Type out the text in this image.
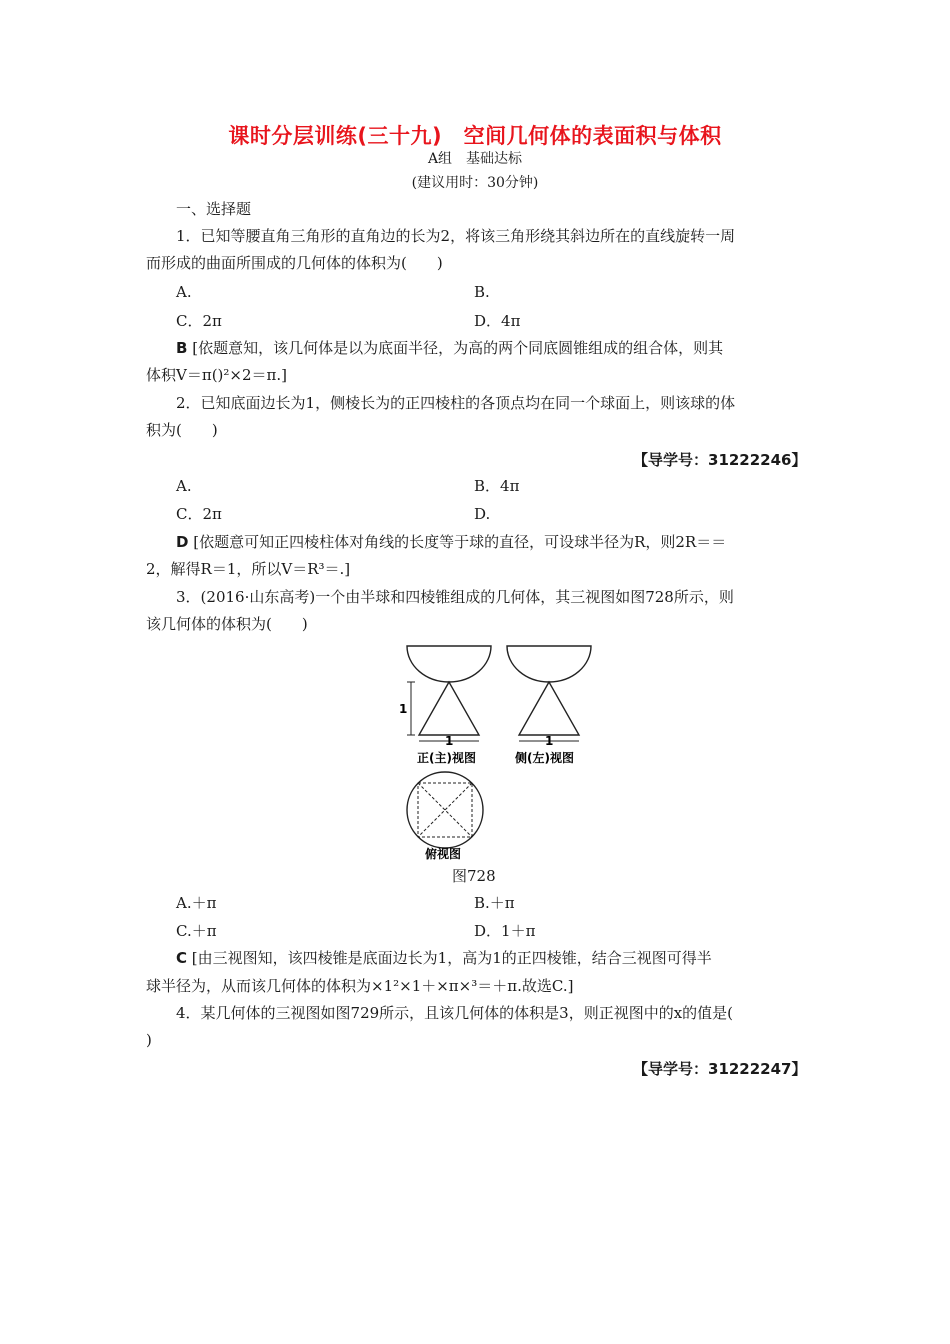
课时分层训练(三十九)　空间几何体的表面积与体积
A组　基础达标
(建议用时：30分钟)
一、选择题
1．已知等腰直角三角形的直角边的长为2，将该三角形绕其斜边所在的直线旋转一周
而形成的曲面所围成的几何体的体积为(　　)
A.	B.
C．2π	D．4π
B [依题意知，该几何体是以为底面半径，为高的两个同底圆锥组成的组合体，则其
体积V＝π()²×2＝π.]
2．已知底面边长为1，侧棱长为的正四棱柱的各顶点均在同一个球面上，则该球的体
积为(　　)
【导学号：31222246】
A.	B．4π
C．2π	D.
D [依题意可知正四棱柱体对角线的长度等于球的直径，可设球半径为R，则2R＝＝
2，解得R＝1，所以V＝R³＝.]
3．(2016·山东高考)一个由半球和四棱锥组成的几何体，其三视图如图728所示，则
该几何体的体积为(　　)
1
1
正(主)视图
1
侧(左)视图
俯视图
图728
A.＋π	B.＋π
C.＋π	D．1＋π
C [由三视图知，该四棱锥是底面边长为1，高为1的正四棱锥，结合三视图可得半
球半径为，从而该几何体的体积为×1²×1＋×π×³＝＋π.故选C.]
4．某几何体的三视图如图729所示，且该几何体的体积是3，则正视图中的x的值是(
)
【导学号：31222247】
